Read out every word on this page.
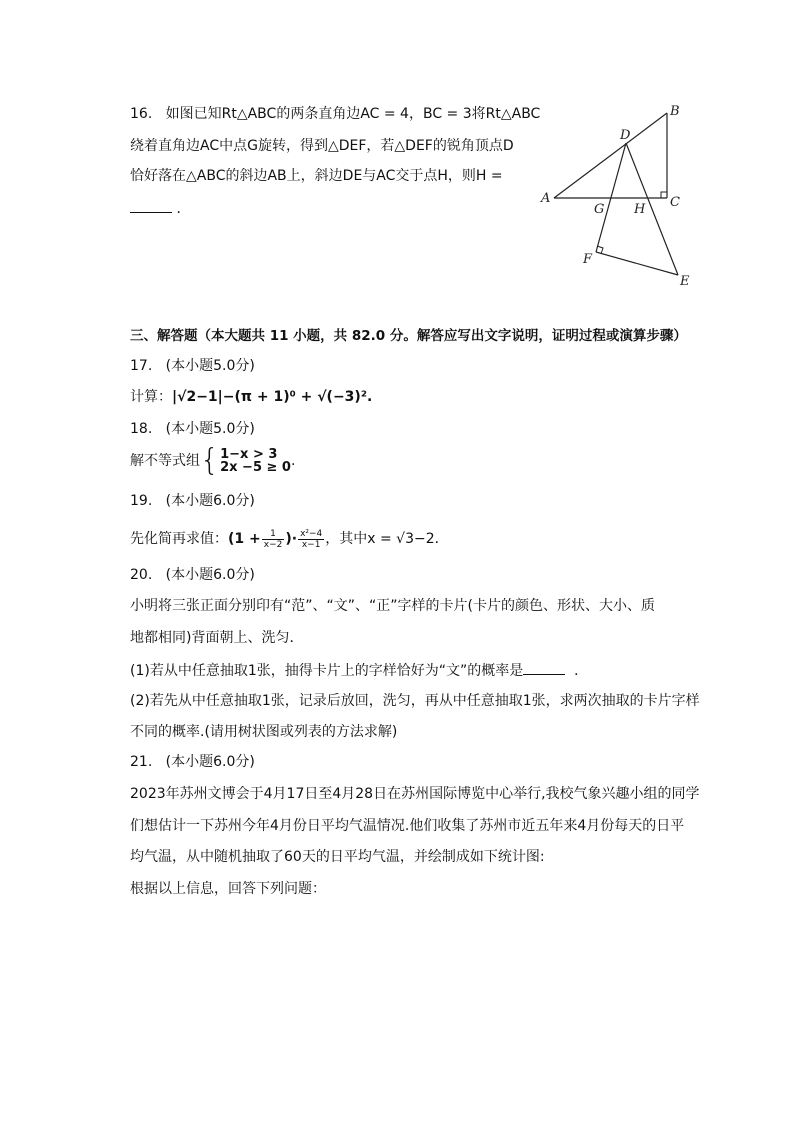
16. 如图已知Rt△ABC的两条直角边AC = 4，BC = 3将Rt△ABC
绕着直角边AC中点G旋转，得到△DEF，若△DEF的锐角顶点D
恰好落在△ABC的斜边AB上，斜边DE与AC交于点H，则H =
．
A
B
C
D
E
F
G H
三、解答题（本大题共 11 小题，共 82.0 分。解答应写出文字说明，证明过程或演算步骤）
17. (本小题5.0分)
计算：|√2−1|−(π + 1)⁰ + √(−3)².
18. (本小题5.0分)
解不等式组{ 1−x > 3
2x −5 ≥ 0 .
19. (本小题6.0分)
先化简再求值：($1 + \frac{1}{x-2}$ )· $\frac{\text{x²−4}}{x-1}$ ，其中x = √3−2．
20. (本小题6.0分)
小明将三张正面分别印有“范”、“文”、“正”字样的卡片(卡片的颜色、形状、大小、质
地都相同)背面朝上、洗匀．
(1)若从中任意抽取1张，抽得卡片上的字样恰好为“文”的概率是	．
(2)若先从中任意抽取1张，记录后放回，洗匀，再从中任意抽取1张，求两次抽取的卡片字样
不同的概率.(请用树状图或列表的方法求解)
21. (本小题6.0分)
2023年苏州文博会于4月17日至4月28日在苏州国际博览中心举行,我校气象兴趣小组的同学
们想估计一下苏州今年4月份日平均气温情况.他们收集了苏州市近五年来4月份每天的日平
均气温，从中随机抽取了60天的日平均气温，并绘制成如下统计图:
根据以上信息，回答下列问题：
